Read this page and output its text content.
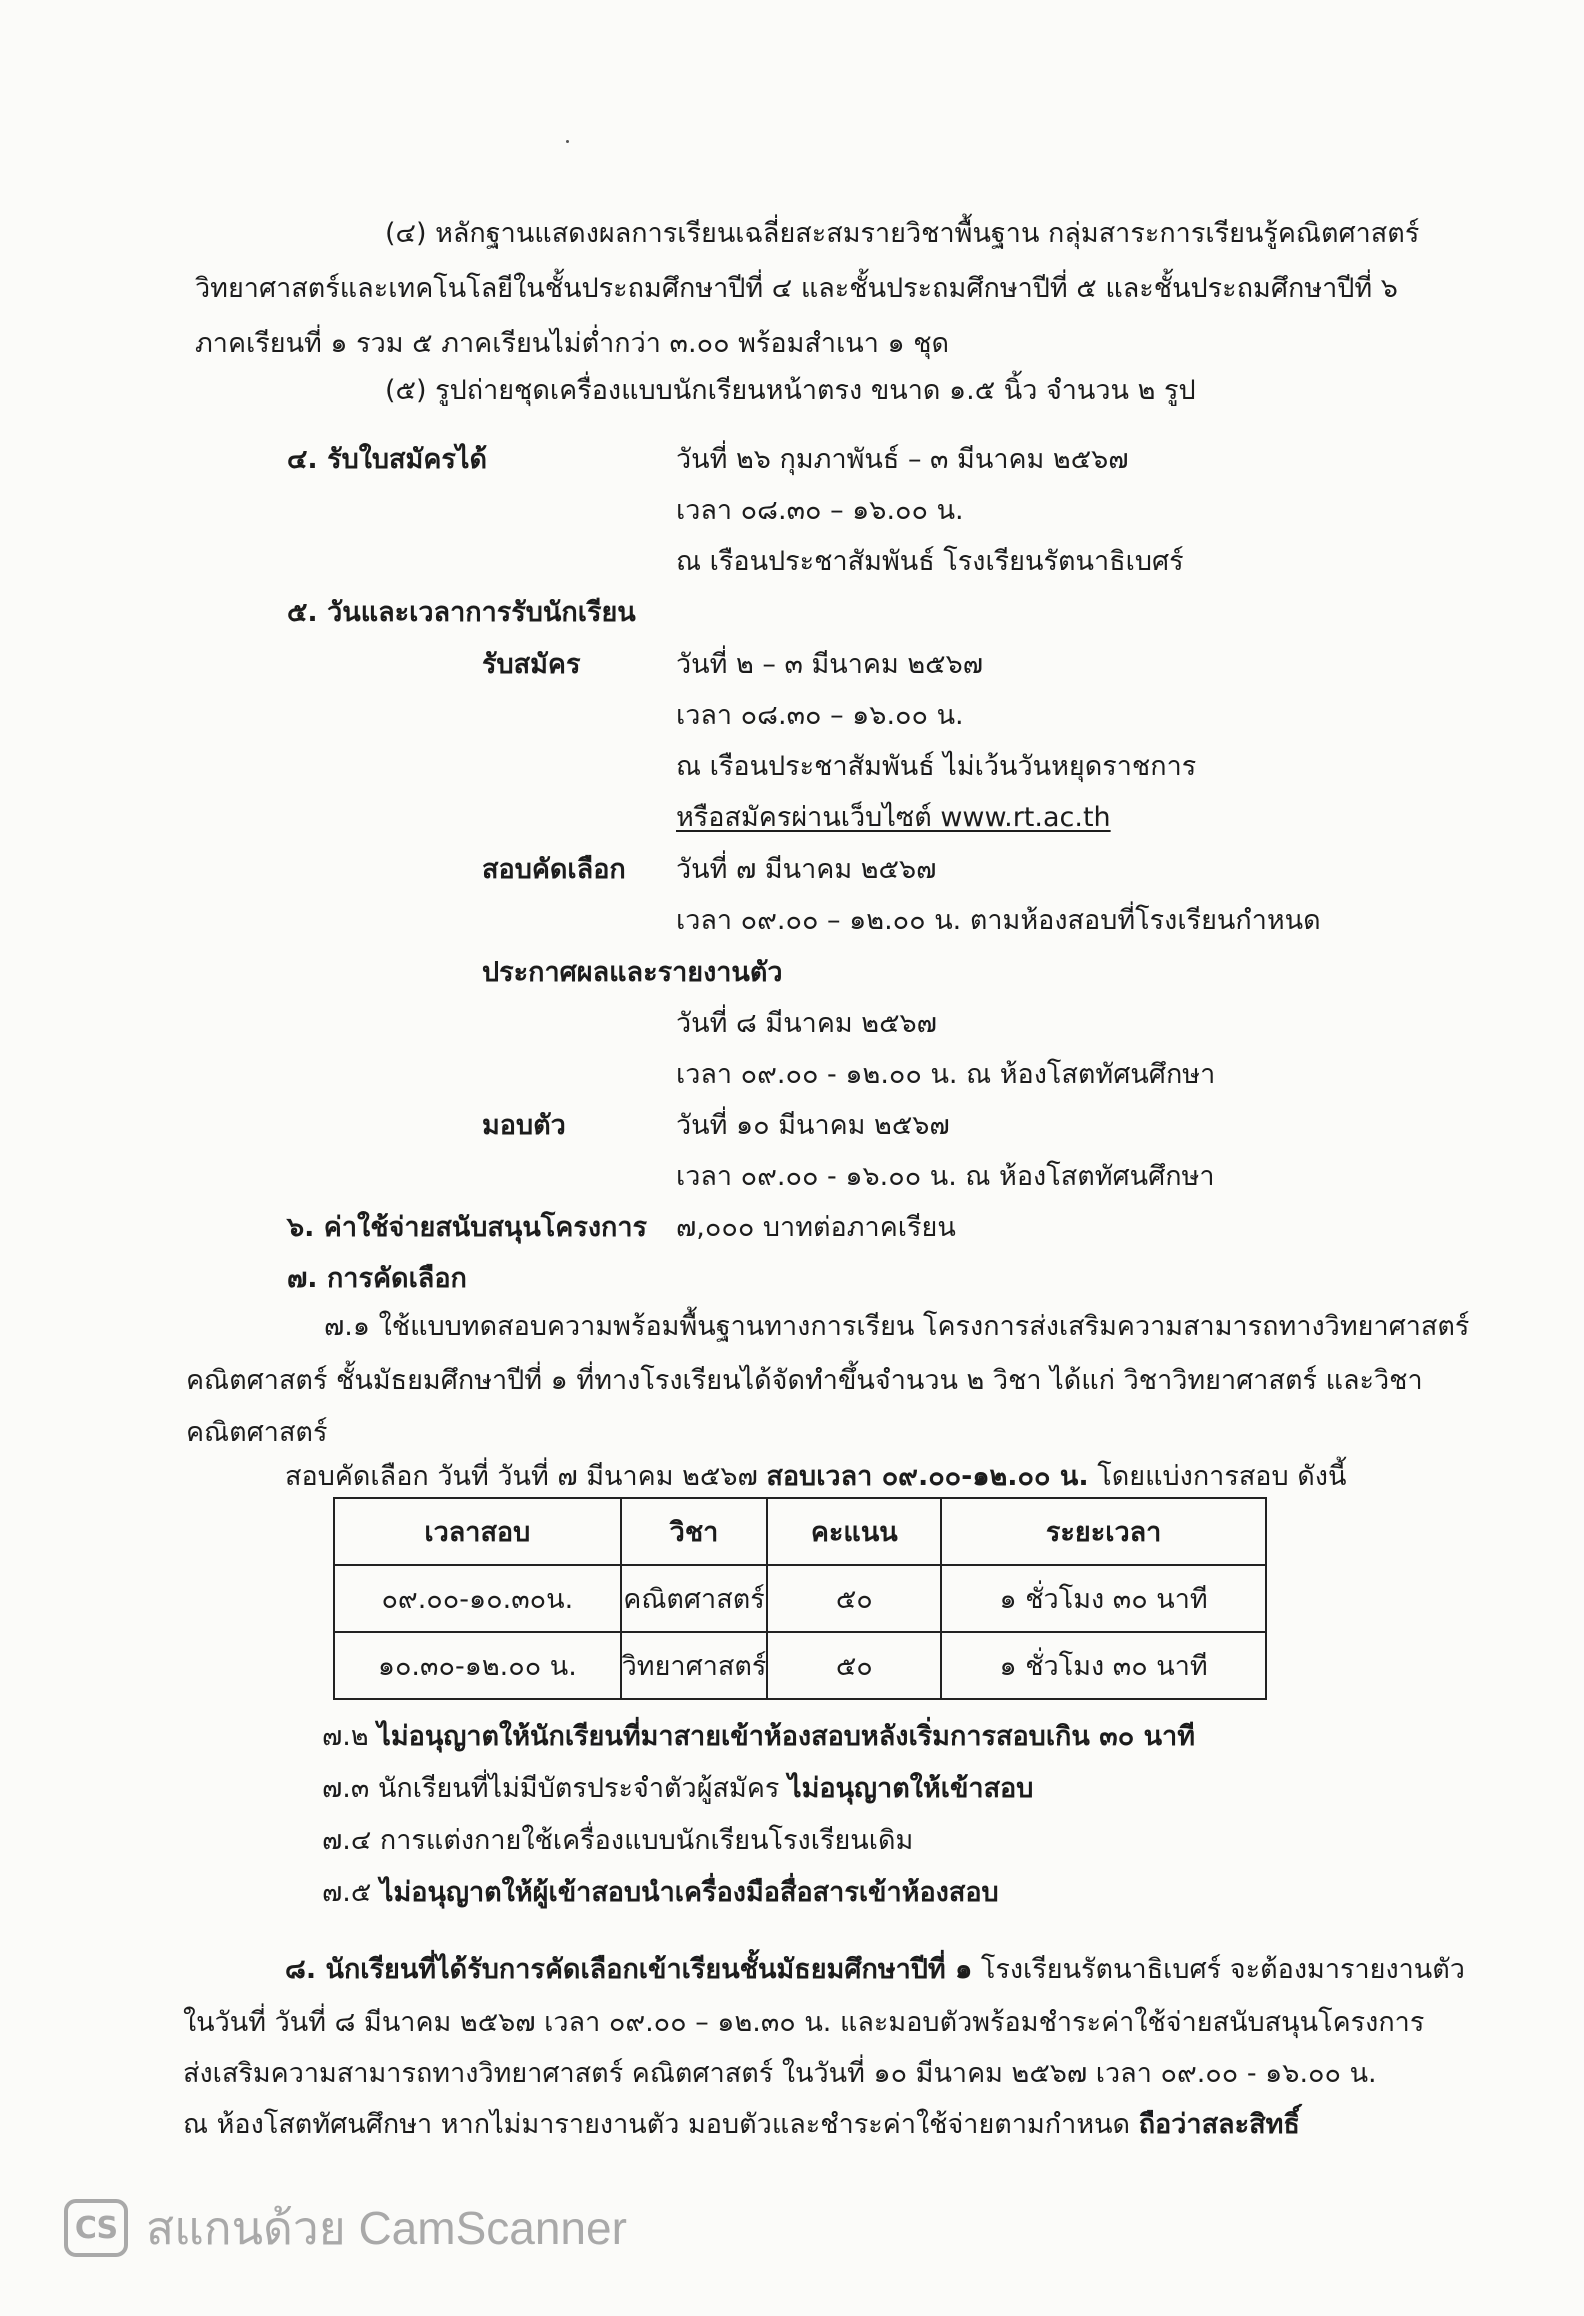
(๔) หลักฐานแสดงผลการเรียนเฉลี่ยสะสมรายวิชาพื้นฐาน กลุ่มสาระการเรียนรู้คณิตศาสตร์
วิทยาศาสตร์และเทคโนโลยีในชั้นประถมศึกษาปีที่ ๔ และชั้นประถมศึกษาปีที่ ๕ และชั้นประถมศึกษาปีที่ ๖
ภาคเรียนที่ ๑ รวม ๕ ภาคเรียนไม่ต่ำกว่า ๓.๐๐ พร้อมสำเนา ๑ ชุด
(๕) รูปถ่ายชุดเครื่องแบบนักเรียนหน้าตรง ขนาด ๑.๕ นิ้ว จำนวน ๒ รูป
๔. รับใบสมัครได้	วันที่ ๒๖ กุมภาพันธ์ – ๓ มีนาคม ๒๕๖๗
เวลา ๐๘.๓๐ – ๑๖.๐๐ น.
ณ เรือนประชาสัมพันธ์ โรงเรียนรัตนาธิเบศร์
๕. วันและเวลาการรับนักเรียน
รับสมัคร	วันที่ ๒ – ๓ มีนาคม ๒๕๖๗
เวลา ๐๘.๓๐ – ๑๖.๐๐ น.
ณ เรือนประชาสัมพันธ์ ไม่เว้นวันหยุดราชการ
หรือสมัครผ่านเว็บไซต์ www.rt.ac.th
สอบคัดเลือก วันที่ ๗ มีนาคม ๒๕๖๗
เวลา ๐๙.๐๐ – ๑๒.๐๐ น. ตามห้องสอบที่โรงเรียนกำหนด
ประกาศผลและรายงานตัว
วันที่ ๘ มีนาคม ๒๕๖๗
เวลา ๐๙.๐๐ - ๑๒.๐๐ น. ณ ห้องโสตทัศนศึกษา
มอบตัว	วันที่ ๑๐ มีนาคม ๒๕๖๗
เวลา ๐๙.๐๐ - ๑๖.๐๐ น. ณ ห้องโสตทัศนศึกษา
๖. ค่าใช้จ่ายสนับสนุนโครงการ ๗,๐๐๐ บาทต่อภาคเรียน
๗. การคัดเลือก
๗.๑ ใช้แบบทดสอบความพร้อมพื้นฐานทางการเรียน โครงการส่งเสริมความสามารถทางวิทยาศาสตร์
คณิตศาสตร์ ชั้นมัธยมศึกษาปีที่ ๑ ที่ทางโรงเรียนได้จัดทำขึ้นจำนวน ๒ วิชา ได้แก่ วิชาวิทยาศาสตร์ และวิชา
คณิตศาสตร์
สอบคัดเลือก วันที่ วันที่ ๗ มีนาคม ๒๕๖๗ สอบเวลา ๐๙.๐๐-๑๒.๐๐ น. โดยแบ่งการสอบ ดังนี้
เวลาสอบ	วิชา	คะแนน	ระยะเวลา
๐๙.๐๐-๑๐.๓๐น.	คณิตศาสตร์	๕๐	๑ ชั่วโมง ๓๐ นาที
๑๐.๓๐-๑๒.๐๐ น.	วิทยาศาสตร์	๕๐	๑ ชั่วโมง ๓๐ นาที
๗.๒ ไม่อนุญาตให้นักเรียนที่มาสายเข้าห้องสอบหลังเริ่มการสอบเกิน ๓๐ นาที
๗.๓ นักเรียนที่ไม่มีบัตรประจำตัวผู้สมัคร ไม่อนุญาตให้เข้าสอบ
๗.๔ การแต่งกายใช้เครื่องแบบนักเรียนโรงเรียนเดิม
๗.๕ ไม่อนุญาตให้ผู้เข้าสอบนำเครื่องมือสื่อสารเข้าห้องสอบ
๘. นักเรียนที่ได้รับการคัดเลือกเข้าเรียนชั้นมัธยมศึกษาปีที่ ๑ โรงเรียนรัตนาธิเบศร์ จะต้องมารายงานตัว
ในวันที่ วันที่ ๘ มีนาคม ๒๕๖๗ เวลา ๐๙.๐๐ – ๑๒.๓๐ น. และมอบตัวพร้อมชำระค่าใช้จ่ายสนับสนุนโครงการ
ส่งเสริมความสามารถทางวิทยาศาสตร์ คณิตศาสตร์ ในวันที่ ๑๐ มีนาคม ๒๕๖๗ เวลา ๐๙.๐๐ - ๑๖.๐๐ น.
ณ ห้องโสตทัศนศึกษา หากไม่มารายงานตัว มอบตัวและชำระค่าใช้จ่ายตามกำหนด ถือว่าสละสิทธิ์
CS สแกนด้วย CamScanner
